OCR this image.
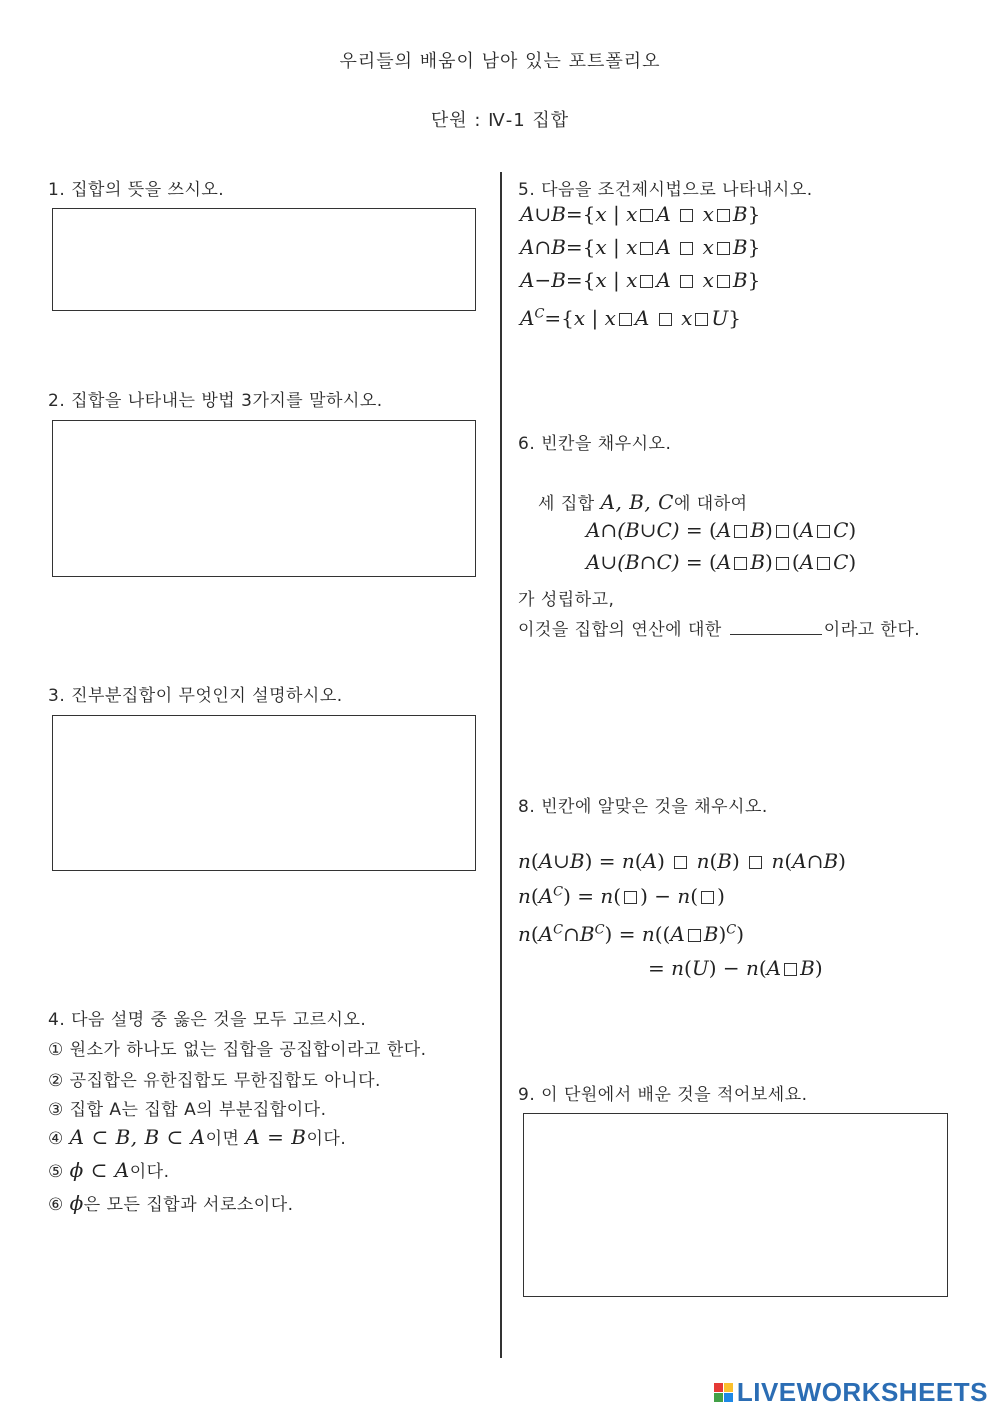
우리들의 배움이 남아 있는 포트폴리오
단원 : Ⅳ-1 집합
1. 집합의 뜻을 쓰시오.
2. 집합을 나타내는 방법 3가지를 말하시오.
3. 진부분집합이 무엇인지 설명하시오.
4. 다음 설명 중 옳은 것을 모두 고르시오.
① 원소가 하나도 없는 집합을 공집합이라고 한다.
② 공집합은 유한집합도 무한집합도 아니다.
③ 집합 A는 집합 A의 부분집합이다.
④ A ⊂ B, B ⊂ A이면 A = B이다.
⑤ ϕ ⊂ A이다.
⑥ ϕ은 모든 집합과 서로소이다.
5. 다음을 조건제시법으로 나타내시오.
A∪B={x | x A x B}
A∩B={x | x A x B}
A−B={x | x A x B}
$A^C=\{x$ | x A x U}
6. 빈칸을 채우시오.
세 집합 A, B, C에 대하여
A∩(B∪C) = (A B) (A C)
A∪(B∩C) = (A B) (A C)
가 성립하고,
이것을 집합의 연산에 대한	이라고 한다.
8. 빈칸에 알맞은 것을 채우시오.
n(A∪B) = n(A)  n(B)  n(A∩B)
$n(A^C) = n$( ) − n( )
$n(A^C\cap B^C) = n((A$ B)$^C$)
= n(U) − n(A B)
9. 이 단원에서 배운 것을 적어보세요.
LIVEWORKSHEETS
